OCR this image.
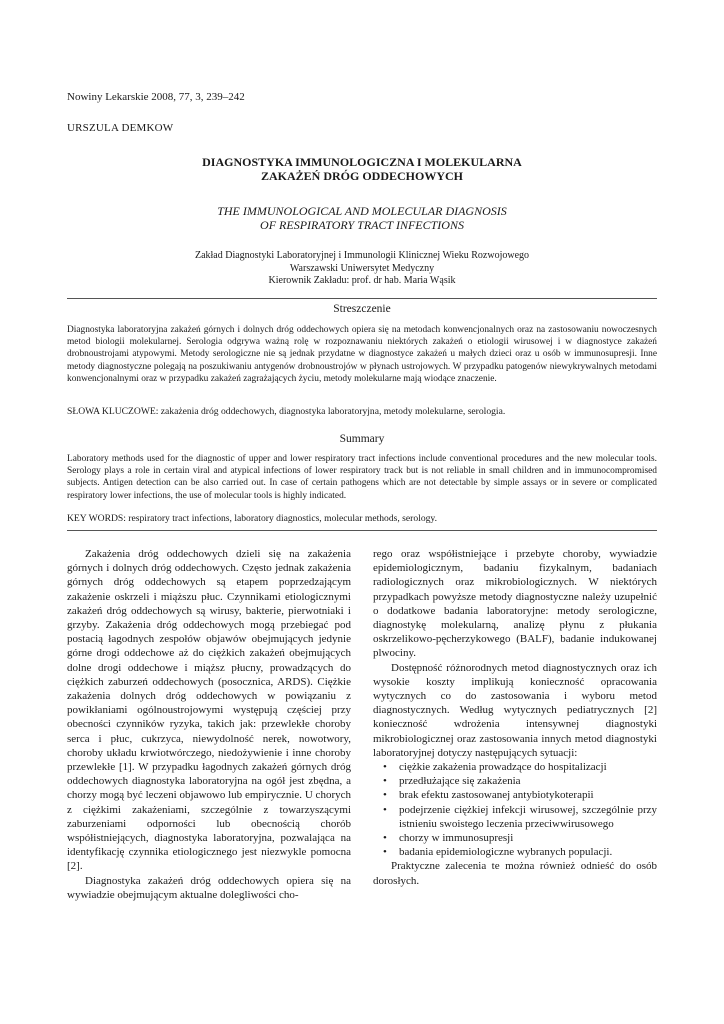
Nowiny Lekarskie 2008, 77, 3, 239–242
URSZULA DEMKOW
DIAGNOSTYKA IMMUNOLOGICZNA I MOLEKULARNA
ZAKAŻEŃ DRÓG ODDECHOWYCH
THE IMMUNOLOGICAL AND MOLECULAR DIAGNOSIS
OF RESPIRATORY TRACT INFECTIONS
Zakład Diagnostyki Laboratoryjnej i Immunologii Klinicznej Wieku Rozwojowego
Warszawski Uniwersytet Medyczny
Kierownik Zakładu: prof. dr hab. Maria Wąsik
Streszczenie
Diagnostyka laboratoryjna zakażeń górnych i dolnych dróg oddechowych opiera się na metodach konwencjonalnych oraz na zastosowaniu nowoczesnych metod biologii molekularnej. Serologia odgrywa ważną rolę w rozpoznawaniu niektórych zakażeń o etiologii wirusowej i w diagnostyce zakażeń drobnoustrojami atypowymi. Metody serologiczne nie są jednak przydatne w diagnostyce zakażeń u małych dzieci oraz u osób w immunosupresji. Inne metody diagnostyczne polegają na poszukiwaniu antygenów drobnoustrojów w płynach ustrojowych. W przypadku patogenów niewykrywalnych metodami konwencjonalnymi oraz w przypadku zakażeń zagrażających życiu, metody molekularne mają wiodące znaczenie.
SŁOWA KLUCZOWE: zakażenia dróg oddechowych, diagnostyka laboratoryjna, metody molekularne, serologia.
Summary
Laboratory methods used for the diagnostic of upper and lower respiratory tract infections include conventional procedures and the new molecular tools. Serology plays a role in certain viral and atypical infections of lower respiratory track but is not reliable in small children and in immunocompromised subjects. Antigen detection can be also carried out. In case of certain pathogens which are not detectable by simple assays or in severe or complicated respiratory lower infections, the use of molecular tools is highly indicated.
KEY WORDS: respiratory tract infections, laboratory diagnostics, molecular methods, serology.

Zakażenia dróg oddechowych dzieli się na zakażenia górnych i dolnych dróg oddechowych. Często jednak zakażenia górnych dróg oddechowych są etapem poprzedzającym zakażenie oskrzeli i miąższu płuc. Czynnikami etiologicznymi zakażeń dróg oddechowych są wirusy, bakterie, pierwotniaki i grzyby. Zakażenia dróg oddechowych mogą przebiegać pod postacią łagodnych zespołów objawów obejmujących jedynie górne drogi oddechowe aż do ciężkich zakażeń obejmujących dolne drogi oddechowe i miąższ płucny, prowadzących do ciężkich zaburzeń oddechowych (posocznica, ARDS). Ciężkie zakażenia dolnych dróg oddechowych w powiązaniu z powikłaniami ogólnoustrojowymi występują częściej przy obecności czynników ryzyka, takich jak: przewlekłe choroby serca i płuc, cukrzyca, niewydolność nerek, nowotwory, choroby układu krwiotwórczego, niedożywienie i inne choroby przewlekłe [1]. W przypadku łagodnych zakażeń górnych dróg oddechowych diagnostyka laboratoryjna na ogół jest zbędna, a chorzy mogą być leczeni objawowo lub empirycznie. U chorych z ciężkimi zakażeniami, szczególnie z towarzyszącymi zaburzeniami odporności lub obecnością chorób współistniejących, diagnostyka laboratoryjna, pozwalająca na identyfikację czynnika etiologicznego jest niezwykle pomocna [2].

Diagnostyka zakażeń dróg oddechowych opiera się na wywiadzie obejmującym aktualne dolegliwości cho-

rego oraz współistniejące i przebyte choroby, wywiadzie epidemiologicznym, badaniu fizykalnym, badaniach radiologicznych oraz mikrobiologicznych. W niektórych przypadkach powyższe metody diagnostyczne należy uzupełnić o dodatkowe badania laboratoryjne: metody serologiczne, diagnostykę molekularną, analizę płynu z płukania oskrzelikowo-pęcherzykowego (BALF), badanie indukowanej plwociny.

Dostępność różnorodnych metod diagnostycznych oraz ich wysokie koszty implikują konieczność opracowania wytycznych co do zastosowania i wyboru metod diagnostycznych. Według wytycznych pediatrycznych [2] konieczność wdrożenia intensywnej diagnostyki mikrobiologicznej oraz zastosowania innych metod diagnostyki laboratoryjnej dotyczy następujących sytuacji:

• ciężkie zakażenia prowadzące do hospitalizacji
• przedłużające się zakażenia
• brak efektu zastosowanej antybiotykoterapii
• podejrzenie ciężkiej infekcji wirusowej, szczególnie przy istnieniu swoistego leczenia przeciwwirusowego
• chorzy w immunosupresji
• badania epidemiologiczne wybranych populacji.

Praktyczne zalecenia te można również odnieść do osób dorosłych.
